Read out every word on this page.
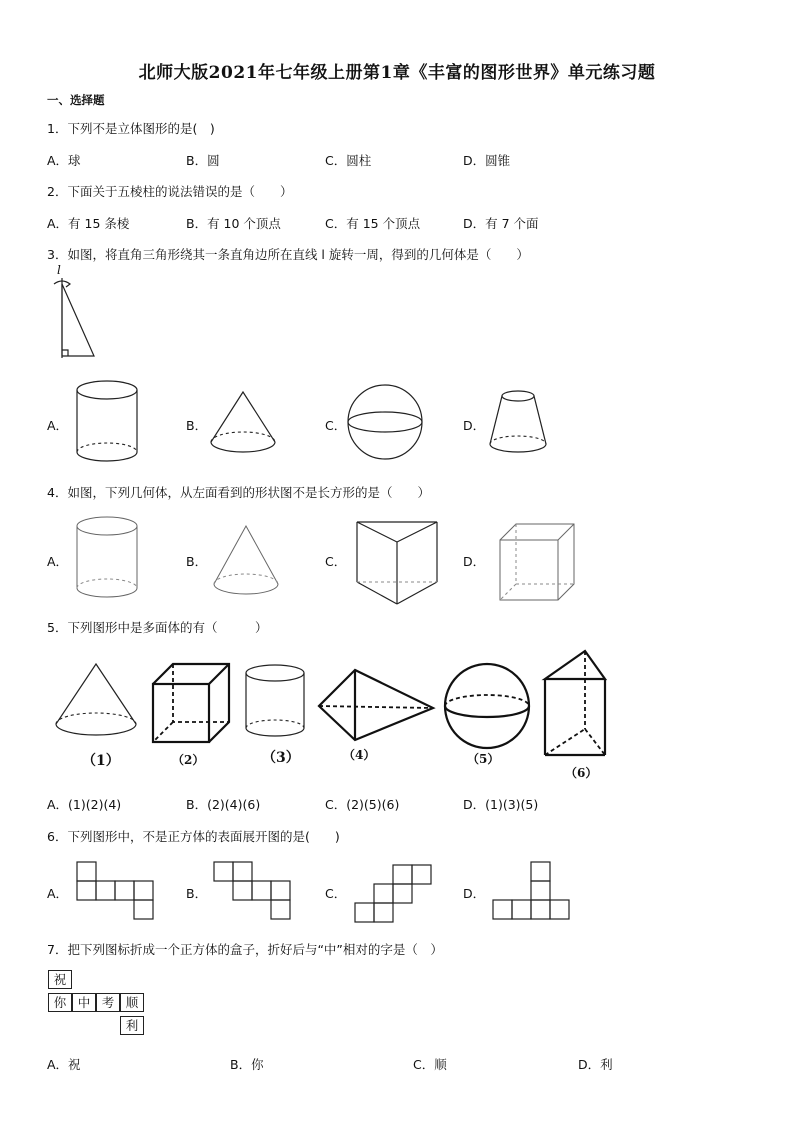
北师大版2021年七年级上册第1章《丰富的图形世界》单元练习题
一、选择题
1．下列不是立体图形的是(　)
A．球	B．圆	C．圆柱	D．圆锥
2．下面关于五棱柱的说法错误的是（　　）
A．有 15 条棱	B．有 10 个顶点	C．有 15 个顶点	D．有 7 个面
3．如图，将直角三角形绕其一条直角边所在直线 l 旋转一周，得到的几何体是（　　）
l
A．	B．	C．	D．
4．如图，下列几何体，从左面看到的形状图不是长方形的是（　　）
A．	B．	C．	D．
5．下列图形中是多面体的有（　　　）
（1）	（2）	（3）	（4）	（5）
（6）
A．(1)(2)(4)	B．(2)(4)(6)	C．(2)(5)(6)	D．(1)(3)(5)
6．下列图形中，不是正方体的表面展开图的是(　　)
A．	B．	C．	D．
7．把下列图标折成一个正方体的盒子，折好后与“中”相对的字是（　）
祝
你 中 考 顺
利
A．祝	B．你	C．顺	D．利
